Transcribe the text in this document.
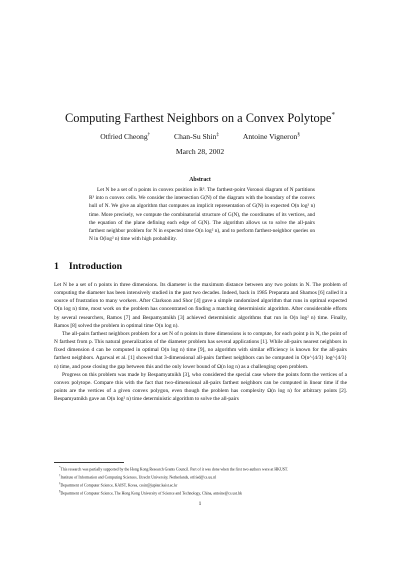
Computing Farthest Neighbors on a Convex Polytope*
Otfried Cheong†	Chan-Su Shin‡	Antoine Vigneron§
March 28, 2002
Abstract
Let N be a set of n points in convex position in R³. The farthest-point Voronoi diagram of N partitions R³ into n convex cells. We consider the intersection G(N) of the diagram with the boundary of the convex hull of N. We give an algorithm that computes an implicit representation of G(N) in expected O(n log² n) time. More precisely, we compute the combinatorial structure of G(N), the coordinates of its vertices, and the equation of the plane defining each edge of G(N). The algorithm allows us to solve the all-pairs farthest neighbor problem for N in expected time O(n log² n), and to perform farthest-neighbor queries on N in O(log² n) time with high probability.
1 Introduction

Let N be a set of n points in three dimensions. Its diameter is the maximum distance between any two points in N. The problem of computing the diameter has been intensively studied in the past two decades. Indeed, back in 1985 Preparata and Shamos [6] called it a source of frustration to many workers. After Clarkson and Shor [4] gave a simple randomized algorithm that runs in optimal expected O(n log n) time, most work on the problem has concentrated on finding a matching deterministic algorithm. After considerable efforts by several researchers, Ramos [7] and Bespamyatnikh [3] achieved deterministic algorithms that run in O(n log² n) time. Finally, Ramos [8] solved the problem in optimal time O(n log n).

The all-pairs farthest neighbors problem for a set N of n points in three dimensions is to compute, for each point p in N, the point of N farthest from p. This natural generalization of the diameter problem has several applications [1]. While all-pairs nearest neighbors in fixed dimension d can be computed in optimal O(n log n) time [9], no algorithm with similar efficiency is known for the all-pairs farthest neighbors. Agarwal et al. [1] showed that 3-dimensional all-pairs farthest neighbors can be computed in O(n^{4/3} log^{4/3} n) time, and pose closing the gap between this and the only lower bound of Ω(n log n) as a challenging open problem.

Progress on this problem was made by Bespamyatnikh [3], who considered the special case where the points form the vertices of a convex polytope. Compare this with the fact that two-dimensional all-pairs farthest neighbors can be computed in linear time if the points are the vertices of a given convex polygon, even though the problem has complexity Ω(n log n) for arbitrary points [2]. Bespamyatnikh gave an O(n log² n) time deterministic algorithm to solve the all-pairs

*This research was partially supported by the Hong Kong Research Grants Council. Part of it was done when the first two authors were at HKUST.

†Institute of Information and Computing Sciences, Utrecht University, Netherlands, otfried@cs.uu.nl

‡Department of Computer Science, KAIST, Korea, cssin@jupiter.kaist.ac.kr

§Department of Computer Science, The Hong Kong University of Science and Technology, China, antoine@cs.ust.hk

1
